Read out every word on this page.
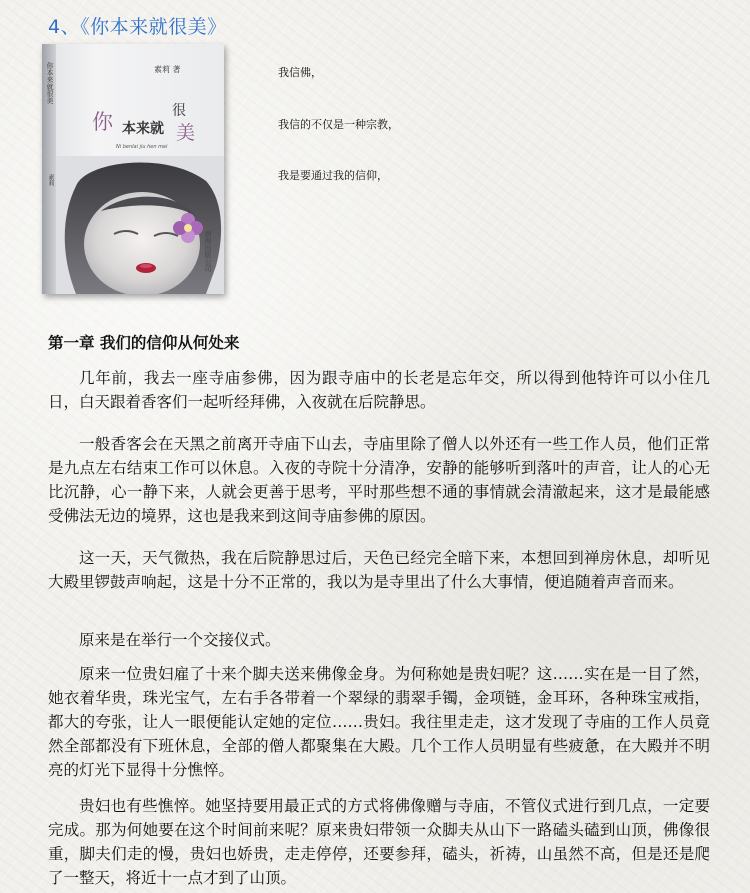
4、《你本来就很美》
你本来就很美
素莉
素莉 著
你 本来就
很
美
Ni benlai jiu hen mei
南海出版公司

我信佛，

我信的不仅是一种宗教，

我是要通过我的信仰，

第一章 我们的信仰从何处来

几年前，我去一座寺庙参佛，因为跟寺庙中的长老是忘年交，所以得到他特许可以小住几日，白天跟着香客们一起听经拜佛，入夜就在后院静思。

一般香客会在天黑之前离开寺庙下山去，寺庙里除了僧人以外还有一些工作人员，他们正常是九点左右结束工作可以休息。入夜的寺院十分清净，安静的能够听到落叶的声音，让人的心无比沉静，心一静下来，人就会更善于思考，平时那些想不通的事情就会清澈起来，这才是最能感受佛法无边的境界，这也是我来到这间寺庙参佛的原因。

这一天，天气微热，我在后院静思过后，天色已经完全暗下来，本想回到禅房休息，却听见大殿里锣鼓声响起，这是十分不正常的，我以为是寺里出了什么大事情，便追随着声音而来。

原来是在举行一个交接仪式。

原来一位贵妇雇了十来个脚夫送来佛像金身。为何称她是贵妇呢？这……实在是一目了然，她衣着华贵，珠光宝气，左右手各带着一个翠绿的翡翠手镯，金项链，金耳环，各种珠宝戒指，都大的夸张，让人一眼便能认定她的定位……贵妇。我往里走走，这才发现了寺庙的工作人员竟然全部都没有下班休息，全部的僧人都聚集在大殿。几个工作人员明显有些疲惫，在大殿并不明亮的灯光下显得十分憔悴。

贵妇也有些憔悴。她坚持要用最正式的方式将佛像赠与寺庙，不管仪式进行到几点，一定要完成。那为何她要在这个时间前来呢？原来贵妇带领一众脚夫从山下一路磕头磕到山顶，佛像很重，脚夫们走的慢，贵妇也娇贵，走走停停，还要参拜，磕头，祈祷，山虽然不高，但是还是爬了一整天，将近十一点才到了山顶。
